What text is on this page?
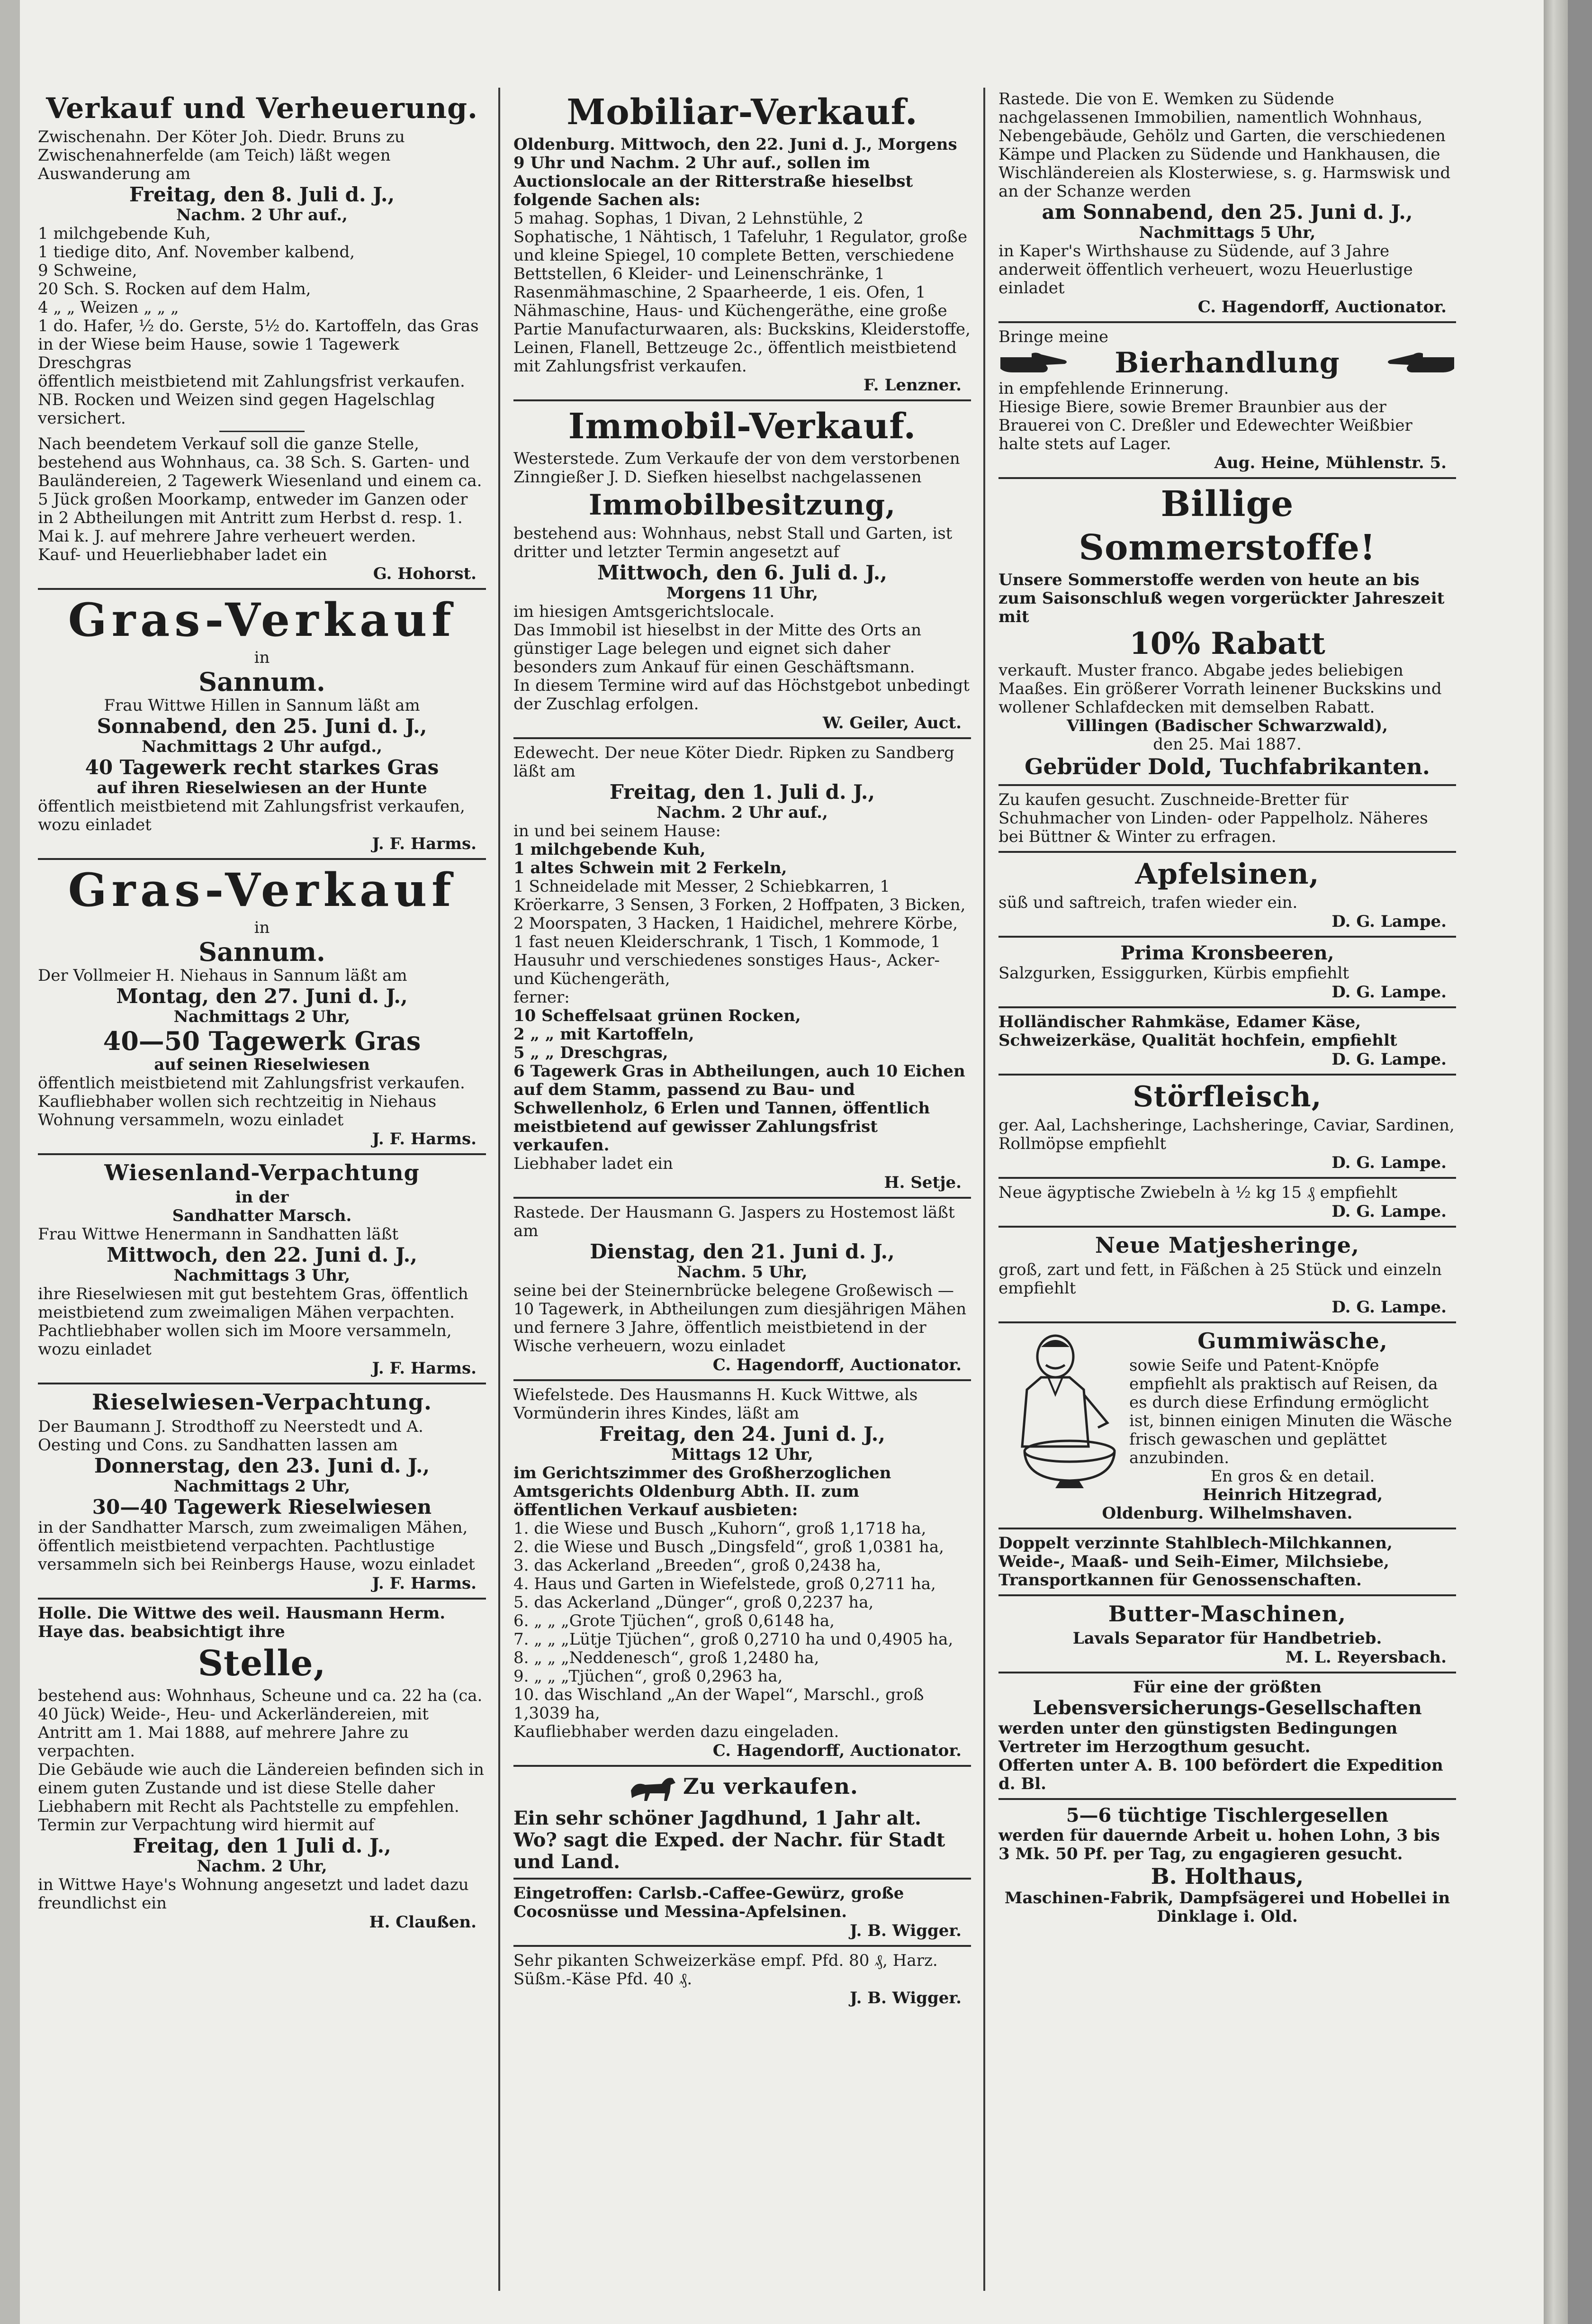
Verkauf und Verheuerung.

Zwischenahn. Der Köter Joh. Diedr. Bruns zu Zwischenahnerfelde (am Teich) läßt wegen Auswanderung am

Freitag, den 8. Juli d. J.,

Nachm. 2 Uhr auf.,

1 milchgebende Kuh,
1 tiedige dito, Anf. November kalbend,
9 Schweine,
20 Sch. S. Rocken auf dem Halm,
4 „ „ Weizen „ „ „
1 do. Hafer, ½ do. Gerste, 5½ do. Kartoffeln, das Gras in der Wiese beim Hause, sowie 1 Tagewerk Dreschgras
öffentlich meistbietend mit Zahlungsfrist verkaufen.

NB. Rocken und Weizen sind gegen Hagelschlag versichert.

Nach beendetem Verkauf soll die ganze Stelle, bestehend aus Wohnhaus, ca. 38 Sch. S. Garten- und Bauländereien, 2 Tagewerk Wiesenland und einem ca. 5 Jück großen Moorkamp, entweder im Ganzen oder in 2 Abtheilungen mit Antritt zum Herbst d. resp. 1. Mai k. J. auf mehrere Jahre verheuert werden.

Kauf- und Heuerliebhaber ladet ein

G. Hohorst.
Gras-Verkauf

in

Sannum.

Frau Wittwe Hillen in Sannum läßt am

Sonnabend, den 25. Juni d. J.,

Nachmittags 2 Uhr aufgd.,

40 Tagewerk recht starkes Gras

auf ihren Rieselwiesen an der Hunte

öffentlich meistbietend mit Zahlungsfrist verkaufen, wozu einladet

J. F. Harms.
Gras-Verkauf

in

Sannum.

Der Vollmeier H. Niehaus in Sannum läßt am

Montag, den 27. Juni d. J.,

Nachmittags 2 Uhr,

40—50 Tagewerk Gras

auf seinen Rieselwiesen

öffentlich meistbietend mit Zahlungsfrist verkaufen. Kaufliebhaber wollen sich rechtzeitig in Niehaus Wohnung versammeln, wozu einladet

J. F. Harms.
Wiesenland-Verpachtung

in der

Sandhatter Marsch.

Frau Wittwe Henermann in Sandhatten läßt

Mittwoch, den 22. Juni d. J.,

Nachmittags 3 Uhr,

ihre Rieselwiesen mit gut bestehtem Gras, öffentlich meistbietend zum zweimaligen Mähen verpachten. Pachtliebhaber wollen sich im Moore versammeln, wozu einladet

J. F. Harms.
Rieselwiesen-Verpachtung.

Der Baumann J. Strodthoff zu Neerstedt und A. Oesting und Cons. zu Sandhatten lassen am

Donnerstag, den 23. Juni d. J.,

Nachmittags 2 Uhr,

30—40 Tagewerk Rieselwiesen

in der Sandhatter Marsch, zum zweimaligen Mähen, öffentlich meistbietend verpachten. Pachtlustige versammeln sich bei Reinbergs Hause, wozu einladet

J. F. Harms.

Holle. Die Wittwe des weil. Hausmann Herm. Haye das. beabsichtigt ihre

Stelle,

bestehend aus: Wohnhaus, Scheune und ca. 22 ha (ca. 40 Jück) Weide-, Heu- und Ackerländereien, mit Antritt am 1. Mai 1888, auf mehrere Jahre zu verpachten.
Die Gebäude wie auch die Ländereien befinden sich in einem guten Zustande und ist diese Stelle daher Liebhabern mit Recht als Pachtstelle zu empfehlen.
Termin zur Verpachtung wird hiermit auf

Freitag, den 1 Juli d. J.,

Nachm. 2 Uhr,

in Wittwe Haye's Wohnung angesetzt und ladet dazu freundlichst ein

H. Claußen.
Mobiliar-Verkauf.

Oldenburg. Mittwoch, den 22. Juni d. J., Morgens 9 Uhr und Nachm. 2 Uhr auf., sollen im Auctionslocale an der Ritterstraße hieselbst folgende Sachen als:

5 mahag. Sophas, 1 Divan, 2 Lehnstühle, 2 Sophatische, 1 Nähtisch, 1 Tafeluhr, 1 Regulator, große und kleine Spiegel, 10 complete Betten, verschiedene Bettstellen, 6 Kleider- und Leinenschränke, 1 Rasenmähmaschine, 2 Spaarheerde, 1 eis. Ofen, 1 Nähmaschine, Haus- und Küchengeräthe, eine große Partie Manufacturwaaren, als: Buckskins, Kleiderstoffe, Leinen, Flanell, Bettzeuge 2c., öffentlich meistbietend mit Zahlungsfrist verkaufen.

F. Lenzner.
Immobil-Verkauf.

Westerstede. Zum Verkaufe der von dem verstorbenen Zinngießer J. D. Siefken hieselbst nachgelassenen

Immobilbesitzung,

bestehend aus: Wohnhaus, nebst Stall und Garten, ist dritter und letzter Termin angesetzt auf

Mittwoch, den 6. Juli d. J.,

Morgens 11 Uhr,

im hiesigen Amtsgerichtslocale.
Das Immobil ist hieselbst in der Mitte des Orts an günstiger Lage belegen und eignet sich daher besonders zum Ankauf für einen Geschäftsmann.
In diesem Termine wird auf das Höchstgebot unbedingt der Zuschlag erfolgen.

W. Geiler, Auct.

Edewecht. Der neue Köter Diedr. Ripken zu Sandberg läßt am

Freitag, den 1. Juli d. J.,

Nachm. 2 Uhr auf.,

in und bei seinem Hause:

1 milchgebende Kuh,
1 altes Schwein mit 2 Ferkeln,

1 Schneidelade mit Messer, 2 Schiebkarren, 1 Kröerkarre, 3 Sensen, 3 Forken, 2 Hoffpaten, 3 Bicken, 2 Moorspaten, 3 Hacken, 1 Haidichel, mehrere Körbe, 1 fast neuen Kleiderschrank, 1 Tisch, 1 Kommode, 1 Hausuhr und verschiedenes sonstiges Haus-, Acker- und Küchengeräth,
ferner:

10 Scheffelsaat grünen Rocken,
2 „ „ mit Kartoffeln,
5 „ „ Dreschgras,
6 Tagewerk Gras in Abtheilungen, auch 10 Eichen auf dem Stamm, passend zu Bau- und Schwellenholz, 6 Erlen und Tannen, öffentlich meistbietend auf gewisser Zahlungsfrist verkaufen.

Liebhaber ladet ein

H. Setje.

Rastede. Der Hausmann G. Jaspers zu Hostemost läßt am

Dienstag, den 21. Juni d. J.,

Nachm. 5 Uhr,

seine bei der Steinernbrücke belegene Großewisch — 10 Tagewerk, in Abtheilungen zum diesjährigen Mähen und fernere 3 Jahre, öffentlich meistbietend in der Wische verheuern, wozu einladet

C. Hagendorff, Auctionator.

Wiefelstede. Des Hausmanns H. Kuck Wittwe, als Vormünderin ihres Kindes, läßt am

Freitag, den 24. Juni d. J.,

Mittags 12 Uhr,

im Gerichtszimmer des Großherzoglichen Amtsgerichts Oldenburg Abth. II. zum öffentlichen Verkauf ausbieten:

1. die Wiese und Busch „Kuhorn“, groß 1,1718 ha,
2. die Wiese und Busch „Dingsfeld“, groß 1,0381 ha,
3. das Ackerland „Breeden“, groß 0,2438 ha,
4. Haus und Garten in Wiefelstede, groß 0,2711 ha,
5. das Ackerland „Dünger“, groß 0,2237 ha,
6. „ „ „Grote Tjüchen“, groß 0,6148 ha,
7. „ „ „Lütje Tjüchen“, groß 0,2710 ha und 0,4905 ha,
8. „ „ „Neddenesch“, groß 1,2480 ha,
9. „ „ „Tjüchen“, groß 0,2963 ha,
10. das Wischland „An der Wapel“, Marschl., groß 1,3039 ha,
Kaufliebhaber werden dazu eingeladen.

C. Hagendorff, Auctionator.
Zu verkaufen.

Ein sehr schöner Jagdhund, 1 Jahr alt. Wo? sagt die Exped. der Nachr. für Stadt und Land.

Eingetroffen: Carlsb.-Caffee-Gewürz, große Cocosnüsse und Messina-Apfelsinen.

J. B. Wigger.

Sehr pikanten Schweizerkäse empf. Pfd. 80 ₰, Harz. Süßm.-Käse Pfd. 40 ₰.

J. B. Wigger.

Rastede. Die von E. Wemken zu Südende nachgelassenen Immobilien, namentlich Wohnhaus, Nebengebäude, Gehölz und Garten, die verschiedenen Kämpe und Placken zu Südende und Hankhausen, die Wischländereien als Klosterwiese, s. g. Harmswisk und an der Schanze werden

am Sonnabend, den 25. Juni d. J.,

Nachmittags 5 Uhr,

in Kaper's Wirthshause zu Südende, auf 3 Jahre anderweit öffentlich verheuert, wozu Heuerlustige einladet

C. Hagendorff, Auctionator.

Bringe meine

Bierhandlung

in empfehlende Erinnerung.
Hiesige Biere, sowie Bremer Braunbier aus der Brauerei von C. Dreßler und Edewechter Weißbier halte stets auf Lager.

Aug. Heine, Mühlenstr. 5.
Billige
Sommerstoffe!

Unsere Sommerstoffe werden von heute an bis zum Saisonschluß wegen vorgerückter Jahreszeit mit

10% Rabatt

verkauft. Muster franco. Abgabe jedes beliebigen Maaßes. Ein größerer Vorrath leinener Buckskins und wollener Schlafdecken mit demselben Rabatt.

Villingen (Badischer Schwarzwald),

den 25. Mai 1887.

Gebrüder Dold, Tuchfabrikanten.

Zu kaufen gesucht. Zuschneide-Bretter für Schuhmacher von Linden- oder Pappelholz. Näheres bei Büttner & Winter zu erfragen.

Apfelsinen,

süß und saftreich, trafen wieder ein.

D. G. Lampe.

Prima Kronsbeeren,

Salzgurken, Essiggurken, Kürbis empfiehlt

D. G. Lampe.

Holländischer Rahmkäse, Edamer Käse, Schweizerkäse, Qualität hochfein, empfiehlt

D. G. Lampe.
Störfleisch,

ger. Aal, Lachsheringe, Lachsheringe, Caviar, Sardinen, Rollmöpse empfiehlt

D. G. Lampe.

Neue ägyptische Zwiebeln à ½ kg 15 ₰ empfiehlt

D. G. Lampe.
Neue Matjesheringe,

groß, zart und fett, in Fäßchen à 25 Stück und einzeln empfiehlt

D. G. Lampe.
Gummiwäsche,

sowie Seife und Patent-Knöpfe empfiehlt als praktisch auf Reisen, da es durch diese Erfindung ermöglicht ist, binnen einigen Minuten die Wäsche frisch gewaschen und geplättet anzubinden.

En gros & en detail.

Heinrich Hitzegrad,

Oldenburg. Wilhelmshaven.

Doppelt verzinnte Stahlblech-Milchkannen, Weide-, Maaß- und Seih-Eimer, Milchsiebe, Transportkannen für Genossenschaften.

Butter-Maschinen,

Lavals Separator für Handbetrieb.

M. L. Reyersbach.

Für eine der größten

Lebensversicherungs-Gesellschaften

werden unter den günstigsten Bedingungen Vertreter im Herzogthum gesucht.
Offerten unter A. B. 100 befördert die Expedition d. Bl.

5—6 tüchtige Tischlergesellen

werden für dauernde Arbeit u. hohen Lohn, 3 bis 3 Mk. 50 Pf. per Tag, zu engagieren gesucht.

B. Holthaus,

Maschinen-Fabrik, Dampfsägerei und Hobellei in Dinklage i. Old.
